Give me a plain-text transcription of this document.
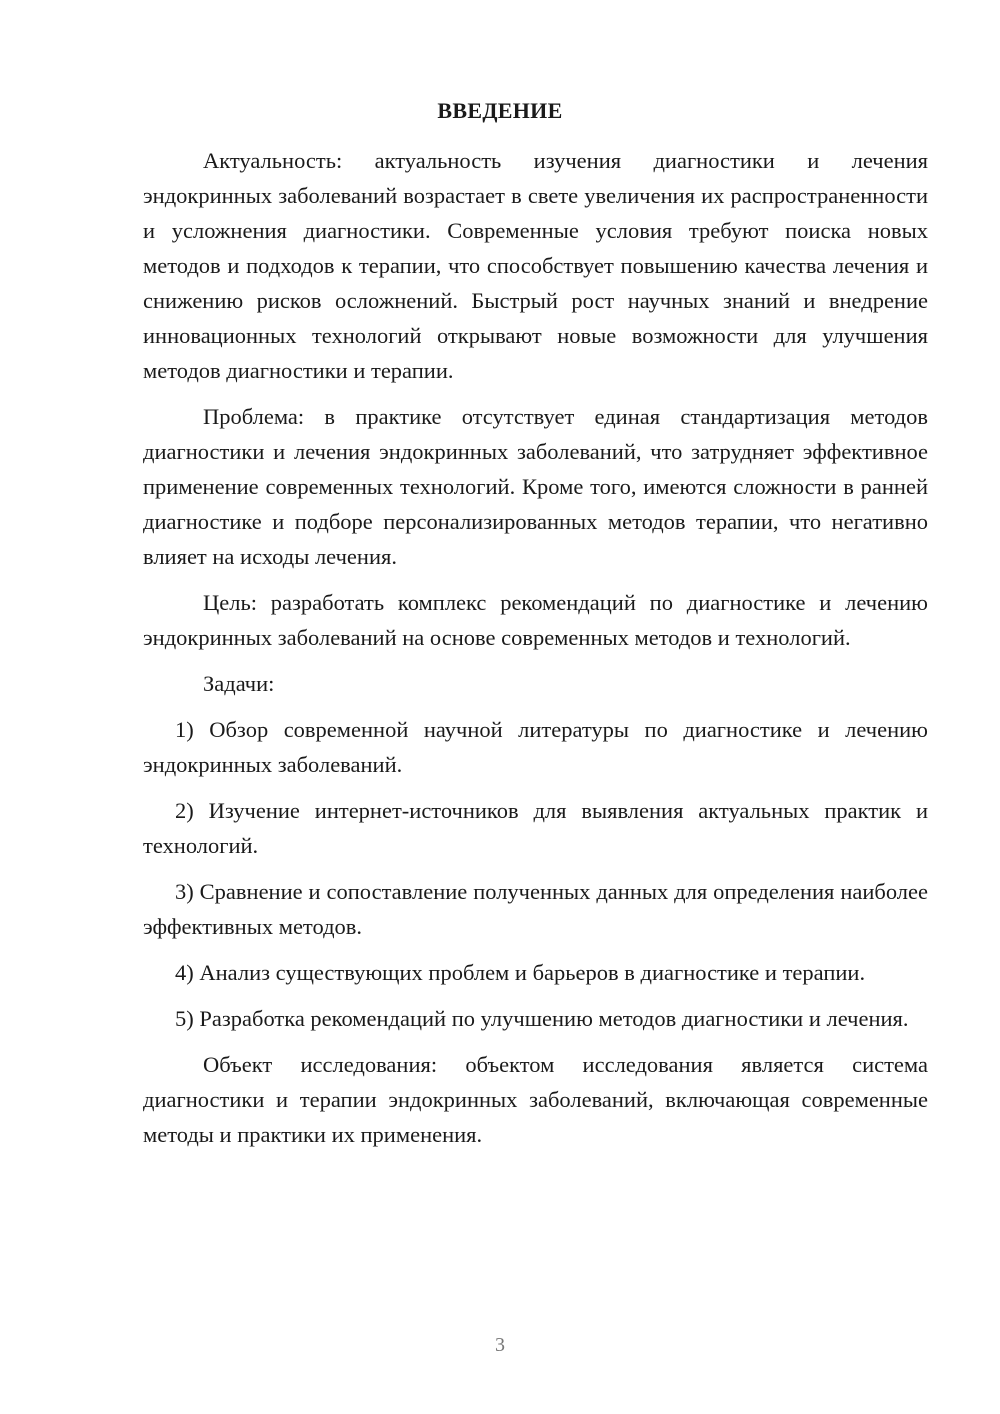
ВВЕДЕНИЕ

Актуальность: актуальность изучения диагностики и лечения эндокринных заболеваний возрастает в свете увеличения их распространенности и усложнения диагностики. Современные условия требуют поиска новых методов и подходов к терапии, что способствует повышению качества лечения и снижению рисков осложнений. Быстрый рост научных знаний и внедрение инновационных технологий открывают новые возможности для улучшения методов диагностики и терапии.

Проблема: в практике отсутствует единая стандартизация методов диагностики и лечения эндокринных заболеваний, что затрудняет эффективное применение современных технологий. Кроме того, имеются сложности в ранней диагностике и подборе персонализированных методов терапии, что негативно влияет на исходы лечения.

Цель: разработать комплекс рекомендаций по диагностике и лечению эндокринных заболеваний на основе современных методов и технологий.

Задачи:

1) Обзор современной научной литературы по диагностике и лечению эндокринных заболеваний.

2) Изучение интернет-источников для выявления актуальных практик и технологий.

3) Сравнение и сопоставление полученных данных для определения наиболее эффективных методов.

4) Анализ существующих проблем и барьеров в диагностике и терапии.

5) Разработка рекомендаций по улучшению методов диагностики и лечения.

Объект исследования: объектом исследования является система диагностики и терапии эндокринных заболеваний, включающая современные методы и практики их применения.

3
